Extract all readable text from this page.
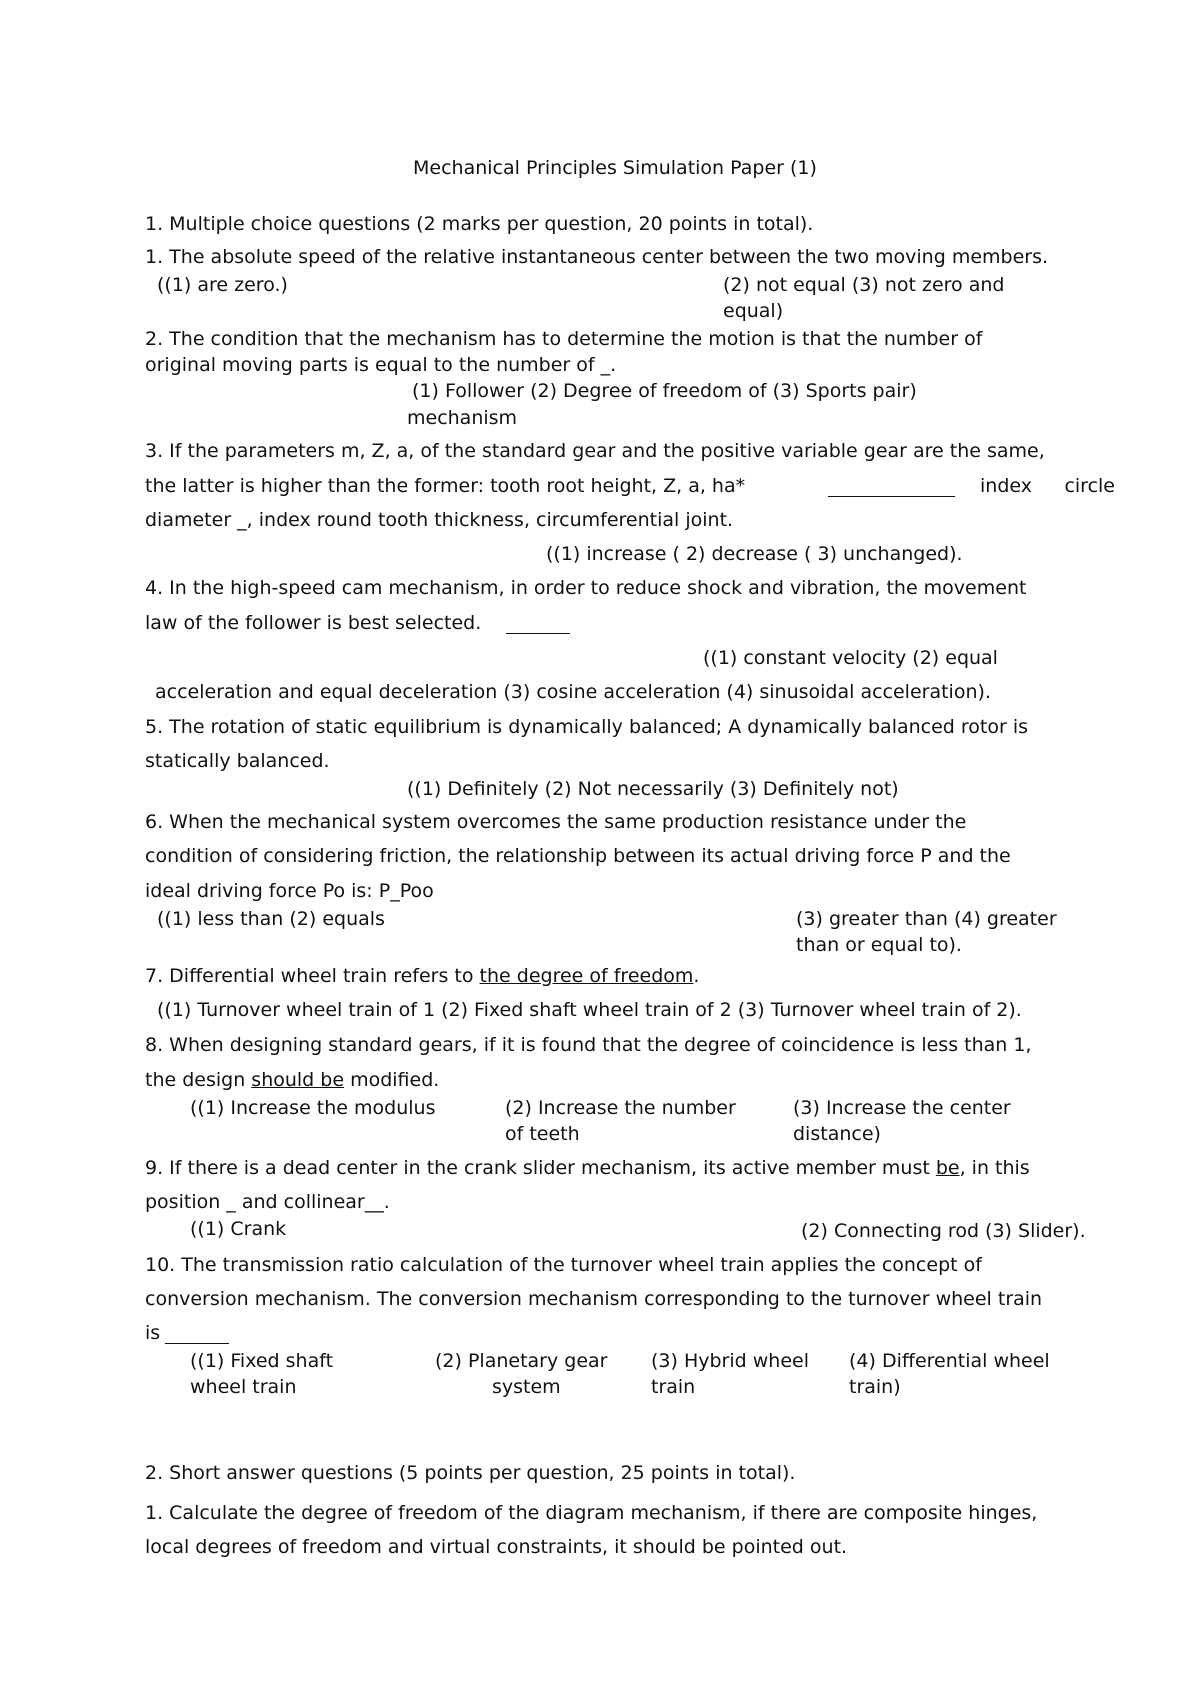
Mechanical Principles Simulation Paper (1)
1. Multiple choice questions (2 marks per question, 20 points in total).
1. The absolute speed of the relative instantaneous center between the two moving members.
((1) are zero.)	(2) not equal (3) not zero and
equal)
2. The condition that the mechanism has to determine the motion is that the number of
original moving parts is equal to the number of _.
(1) Follower (2) Degree of freedom of (3) Sports pair)
mechanism
3. If the parameters m, Z, a, of the standard gear and the positive variable gear are the same,
the latter is higher than the former: tooth root height, Z, a, ha*	index circle
diameter _, index round tooth thickness, circumferential joint.
((1) increase ( 2) decrease ( 3) unchanged).
4. In the high-speed cam mechanism, in order to reduce shock and vibration, the movement
law of the follower is best selected.
((1) constant velocity (2) equal
acceleration and equal deceleration (3) cosine acceleration (4) sinusoidal acceleration).
5. The rotation of static equilibrium is dynamically balanced; A dynamically balanced rotor is
statically balanced.
((1) Definitely (2) Not necessarily (3) Definitely not)
6. When the mechanical system overcomes the same production resistance under the
condition of considering friction, the relationship between its actual driving force P and the
ideal driving force Po is: P_Poo
((1) less than (2) equals	(3) greater than (4) greater
than or equal to).
7. Differential wheel train refers to the degree of freedom.
((1) Turnover wheel train of 1 (2) Fixed shaft wheel train of 2 (3) Turnover wheel train of 2).
8. When designing standard gears, if it is found that the degree of coincidence is less than 1,
the design should be modified.
((1) Increase the modulus	(2) Increase the number
of teeth
(3) Increase the center
distance)
9. If there is a dead center in the crank slider mechanism, its active member must be, in this
position _ and collinear__.
((1) Crank	(2) Connecting rod (3) Slider).
10. The transmission ratio calculation of the turnover wheel train applies the concept of
conversion mechanism. The conversion mechanism corresponding to the turnover wheel train
is
((1) Fixed shaft
wheel train
(2) Planetary gear
system
(3) Hybrid wheel
train
(4) Differential wheel
train)
2. Short answer questions (5 points per question, 25 points in total).
1. Calculate the degree of freedom of the diagram mechanism, if there are composite hinges,
local degrees of freedom and virtual constraints, it should be pointed out.
